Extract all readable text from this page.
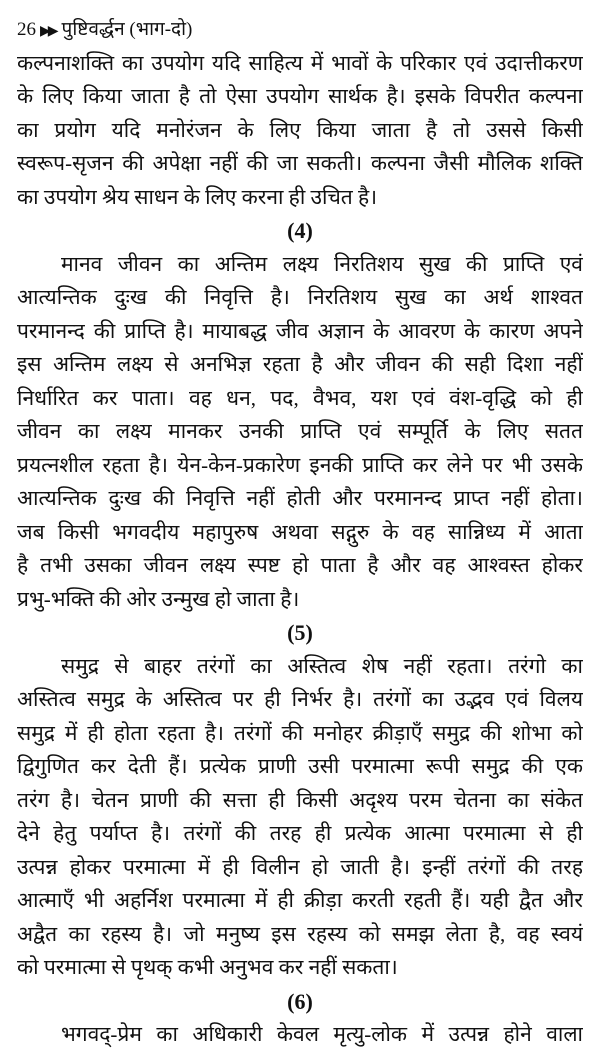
26 ▶▶ पुष्टिवर्द्धन (भाग-दो)
कल्पनाशक्ति का उपयोग यदि साहित्य में भावों के परिकार एवं उदात्तीकरण
के लिए किया जाता है तो ऐसा उपयोग सार्थक है। इसके विपरीत कल्पना
का प्रयोग यदि मनोरंजन के लिए किया जाता है तो उससे किसी
स्वरूप-सृजन की अपेक्षा नहीं की जा सकती। कल्पना जैसी मौलिक शक्ति
का उपयोग श्रेय साधन के लिए करना ही उचित है।
(4)
मानव जीवन का अन्तिम लक्ष्य निरतिशय सुख की प्राप्ति एवं
आत्यन्तिक दुःख की निवृत्ति है। निरतिशय सुख का अर्थ शाश्वत
परमानन्द की प्राप्ति है। मायाबद्ध जीव अज्ञान के आवरण के कारण अपने
इस अन्तिम लक्ष्य से अनभिज्ञ रहता है और जीवन की सही दिशा नहीं
निर्धारित कर पाता। वह धन, पद, वैभव, यश एवं वंश-वृद्धि को ही
जीवन का लक्ष्य मानकर उनकी प्राप्ति एवं सम्पूर्ति के लिए सतत
प्रयत्नशील रहता है। येन-केन-प्रकारेण इनकी प्राप्ति कर लेने पर भी उसके
आत्यन्तिक दुःख की निवृत्ति नहीं होती और परमानन्द प्राप्त नहीं होता।
जब किसी भगवदीय महापुरुष अथवा सद्गुरु के वह सान्निध्य में आता
है तभी उसका जीवन लक्ष्य स्पष्ट हो पाता है और वह आश्वस्त होकर
प्रभु-भक्ति की ओर उन्मुख हो जाता है।
(5)
समुद्र से बाहर तरंगों का अस्तित्व शेष नहीं रहता। तरंगो का
अस्तित्व समुद्र के अस्तित्व पर ही निर्भर है। तरंगों का उद्भव एवं विलय
समुद्र में ही होता रहता है। तरंगों की मनोहर क्रीड़ाएँ समुद्र की शोभा को
द्विगुणित कर देती हैं। प्रत्येक प्राणी उसी परमात्मा रूपी समुद्र की एक
तरंग है। चेतन प्राणी की सत्ता ही किसी अदृश्य परम चेतना का संकेत
देने हेतु पर्याप्त है। तरंगों की तरह ही प्रत्येक आत्मा परमात्मा से ही
उत्पन्न होकर परमात्मा में ही विलीन हो जाती है। इन्हीं तरंगों की तरह
आत्माएँ भी अहर्निश परमात्मा में ही क्रीड़ा करती रहती हैं। यही द्वैत और
अद्वैत का रहस्य है। जो मनुष्य इस रहस्य को समझ लेता है, वह स्वयं
को परमात्मा से पृथक् कभी अनुभव कर नहीं सकता।
(6)
भगवद्-प्रेम का अधिकारी केवल मृत्यु-लोक में उत्पन्न होने वाला
